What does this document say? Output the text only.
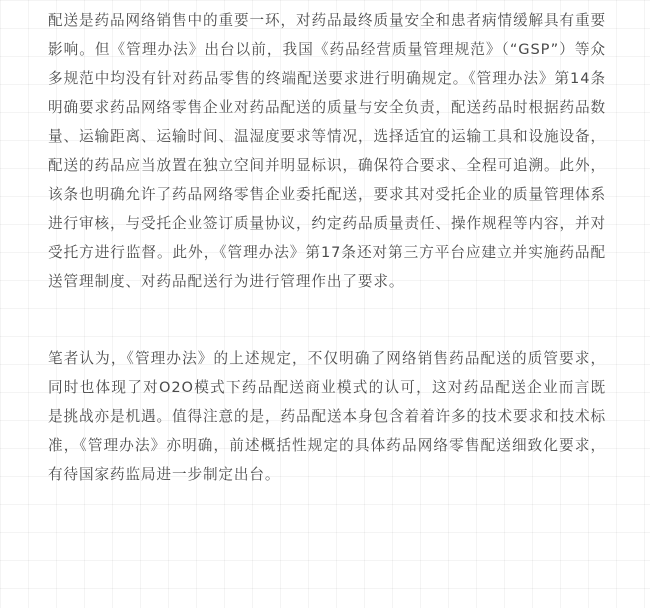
配送是药品网络销售中的重要一环，对药品最终质量安全和患者病情缓解具有重要影响。但《管理办法》出台以前，我国《药品经营质量管理规范》（“GSP”）等众多规范中均没有针对药品零售的终端配送要求进行明确规定。《管理办法》第14条明确要求药品网络零售企业对药品配送的质量与安全负责，配送药品时根据药品数量、运输距离、运输时间、温湿度要求等情况，选择适宜的运输工具和设施设备，配送的药品应当放置在独立空间并明显标识，确保符合要求、全程可追溯。此外，该条也明确允许了药品网络零售企业委托配送，要求其对受托企业的质量管理体系进行审核，与受托企业签订质量协议，约定药品质量责任、操作规程等内容，并对受托方进行监督。此外，《管理办法》第17条还对第三方平台应建立并实施药品配送管理制度、对药品配送行为进行管理作出了要求。

笔者认为，《管理办法》的上述规定，不仅明确了网络销售药品配送的质管要求，同时也体现了对O2O模式下药品配送商业模式的认可，这对药品配送企业而言既是挑战亦是机遇。值得注意的是，药品配送本身包含着着许多的技术要求和技术标准，《管理办法》亦明确，前述概括性规定的具体药品网络零售配送细致化要求，有待国家药监局进一步制定出台。
